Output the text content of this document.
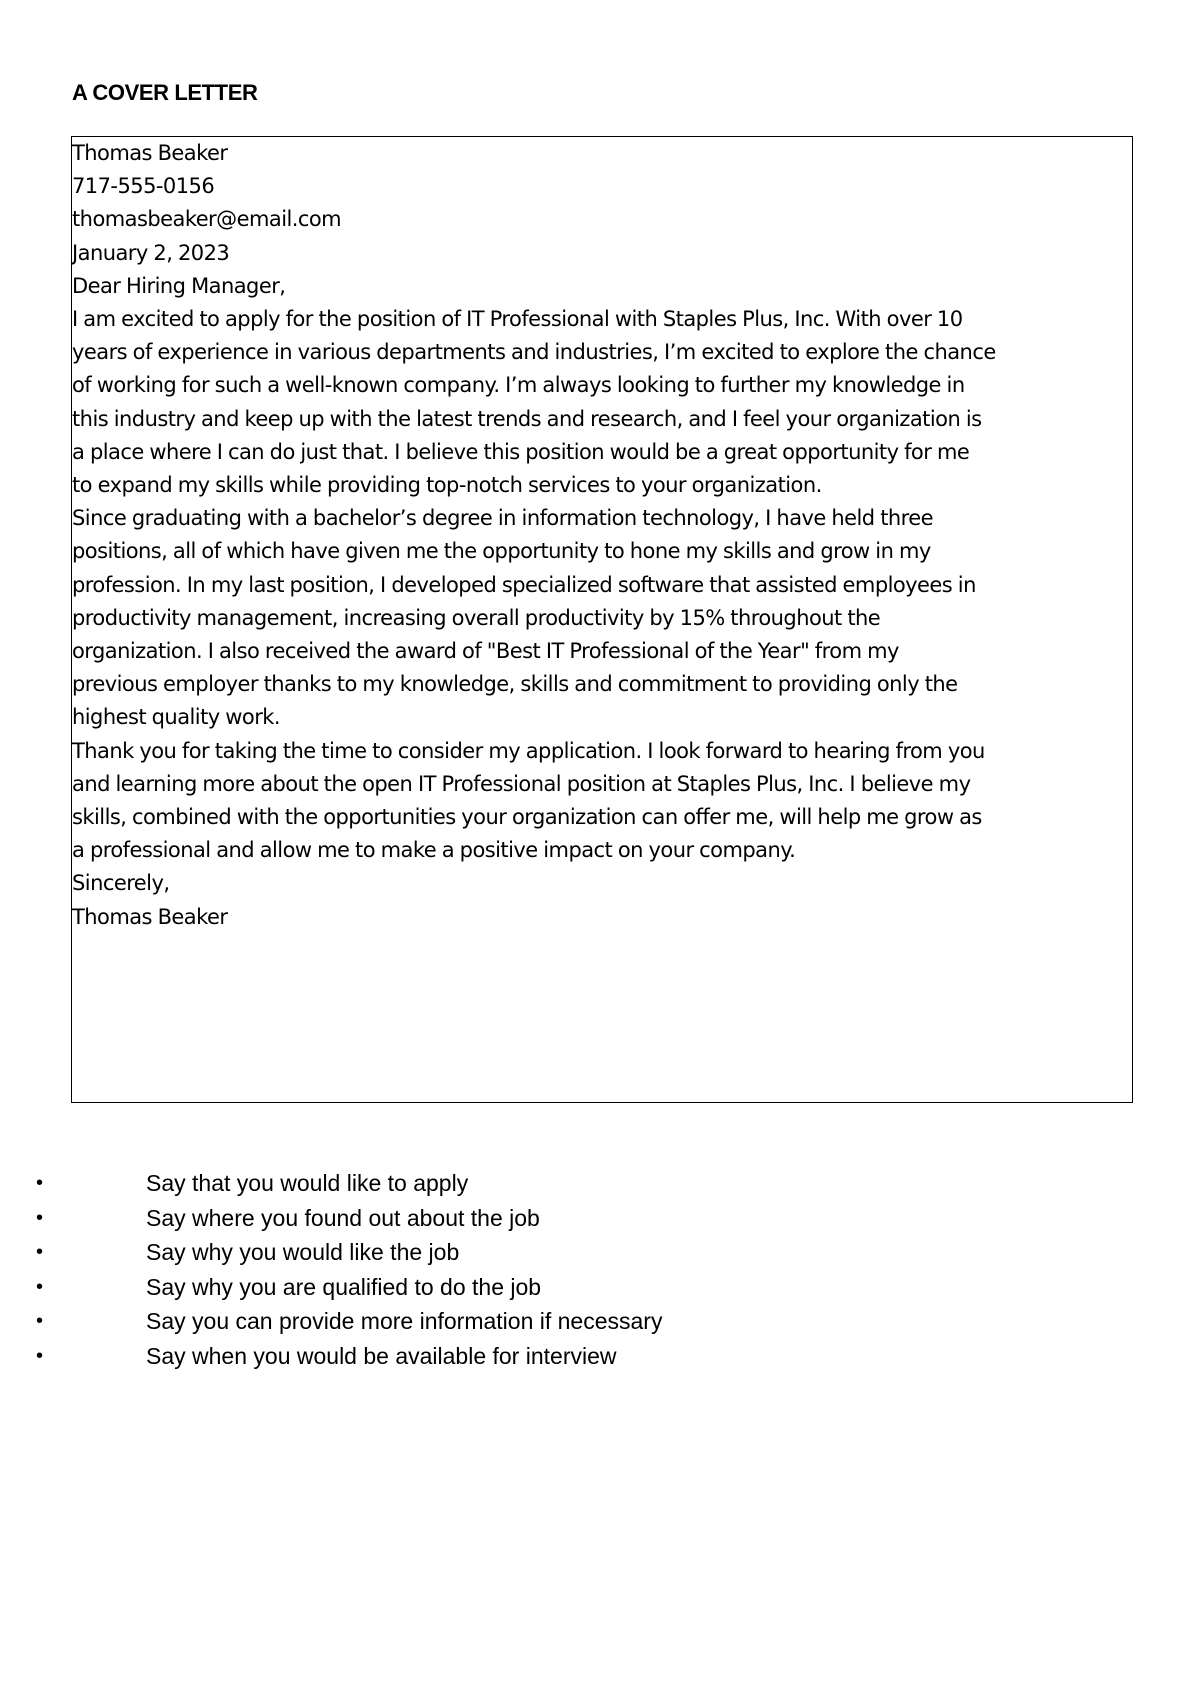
A COVER LETTER

Thomas Beaker
717-555-0156
thomasbeaker@email.com

January 2, 2023

Dear Hiring Manager,

I am excited to apply for the position of IT Professional with Staples Plus, Inc. With over 10
years of experience in various departments and industries, I’m excited to explore the chance
of working for such a well-known company. I’m always looking to further my knowledge in
this industry and keep up with the latest trends and research, and I feel your organization is
a place where I can do just that. I believe this position would be a great opportunity for me
to expand my skills while providing top-notch services to your organization.

Since graduating with a bachelor’s degree in information technology, I have held three
positions, all of which have given me the opportunity to hone my skills and grow in my
profession. In my last position, I developed specialized software that assisted employees in
productivity management, increasing overall productivity by 15% throughout the
organization. I also received the award of "Best IT Professional of the Year" from my
previous employer thanks to my knowledge, skills and commitment to providing only the
highest quality work.

Thank you for taking the time to consider my application. I look forward to hearing from you
and learning more about the open IT Professional position at Staples Plus, Inc. I believe my
skills, combined with the opportunities your organization can offer me, will help me grow as
a professional and allow me to make a positive impact on your company.

Sincerely,
Thomas Beaker

•	Say that you would like to apply
•	Say where you found out about the job
•	Say why you would like the job
•	Say why you are qualified to do the job
•	Say you can provide more information if necessary
•	Say when you would be available for interview
